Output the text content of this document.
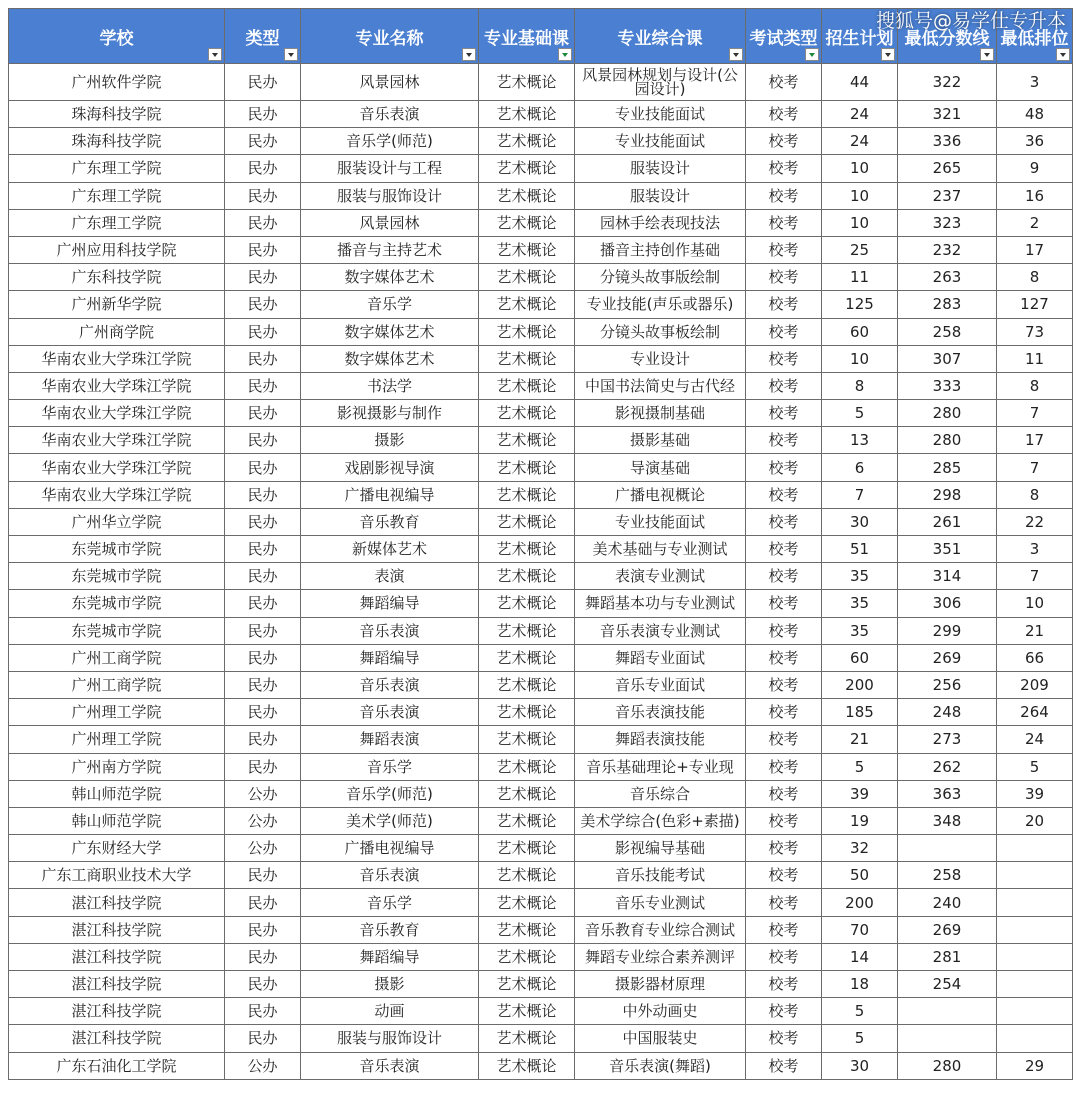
搜狐号@易学仕专升本
学校	类型	专业名称	专业基础课	专业综合课	考试类型	招生计划	最低分数线	最低排位

广州软件学院	民办	风景园林	艺术概论	风景园林规划与设计(公园设计)	校考	44	322	3
珠海科技学院	民办	音乐表演	艺术概论	专业技能面试	校考	24	321	48
珠海科技学院	民办	音乐学(师范)	艺术概论	专业技能面试	校考	24	336	36
广东理工学院	民办	服装设计与工程	艺术概论	服装设计	校考	10	265	9
广东理工学院	民办	服装与服饰设计	艺术概论	服装设计	校考	10	237	16
广东理工学院	民办	风景园林	艺术概论	园林手绘表现技法	校考	10	323	2
广州应用科技学院	民办	播音与主持艺术	艺术概论	播音主持创作基础	校考	25	232	17
广东科技学院	民办	数字媒体艺术	艺术概论	分镜头故事版绘制	校考	11	263	8
广州新华学院	民办	音乐学	艺术概论	专业技能(声乐或器乐)	校考	125	283	127
广州商学院	民办	数字媒体艺术	艺术概论	分镜头故事板绘制	校考	60	258	73
华南农业大学珠江学院	民办	数字媒体艺术	艺术概论	专业设计	校考	10	307	11
华南农业大学珠江学院	民办	书法学	艺术概论	中国书法简史与古代经	校考	8	333	8
华南农业大学珠江学院	民办	影视摄影与制作	艺术概论	影视摄制基础	校考	5	280	7
华南农业大学珠江学院	民办	摄影	艺术概论	摄影基础	校考	13	280	17
华南农业大学珠江学院	民办	戏剧影视导演	艺术概论	导演基础	校考	6	285	7
华南农业大学珠江学院	民办	广播电视编导	艺术概论	广播电视概论	校考	7	298	8
广州华立学院	民办	音乐教育	艺术概论	专业技能面试	校考	30	261	22
东莞城市学院	民办	新媒体艺术	艺术概论	美术基础与专业测试	校考	51	351	3
东莞城市学院	民办	表演	艺术概论	表演专业测试	校考	35	314	7
东莞城市学院	民办	舞蹈编导	艺术概论	舞蹈基本功与专业测试	校考	35	306	10
东莞城市学院	民办	音乐表演	艺术概论	音乐表演专业测试	校考	35	299	21
广州工商学院	民办	舞蹈编导	艺术概论	舞蹈专业面试	校考	60	269	66
广州工商学院	民办	音乐表演	艺术概论	音乐专业面试	校考	200	256	209
广州理工学院	民办	音乐表演	艺术概论	音乐表演技能	校考	185	248	264
广州理工学院	民办	舞蹈表演	艺术概论	舞蹈表演技能	校考	21	273	24
广州南方学院	民办	音乐学	艺术概论	音乐基础理论+专业现	校考	5	262	5
韩山师范学院	公办	音乐学(师范)	艺术概论	音乐综合	校考	39	363	39
韩山师范学院	公办	美术学(师范)	艺术概论	美术学综合(色彩+素描)	校考	19	348	20
广东财经大学	公办	广播电视编导	艺术概论	影视编导基础	校考	32		
广东工商职业技术大学	民办	音乐表演	艺术概论	音乐技能考试	校考	50	258	
湛江科技学院	民办	音乐学	艺术概论	音乐专业测试	校考	200	240	
湛江科技学院	民办	音乐教育	艺术概论	音乐教育专业综合测试	校考	70	269	
湛江科技学院	民办	舞蹈编导	艺术概论	舞蹈专业综合素养测评	校考	14	281	
湛江科技学院	民办	摄影	艺术概论	摄影器材原理	校考	18	254	
湛江科技学院	民办	动画	艺术概论	中外动画史	校考	5		
湛江科技学院	民办	服装与服饰设计	艺术概论	中国服装史	校考	5		
广东石油化工学院	公办	音乐表演	艺术概论	音乐表演(舞蹈)	校考	30	280	29
